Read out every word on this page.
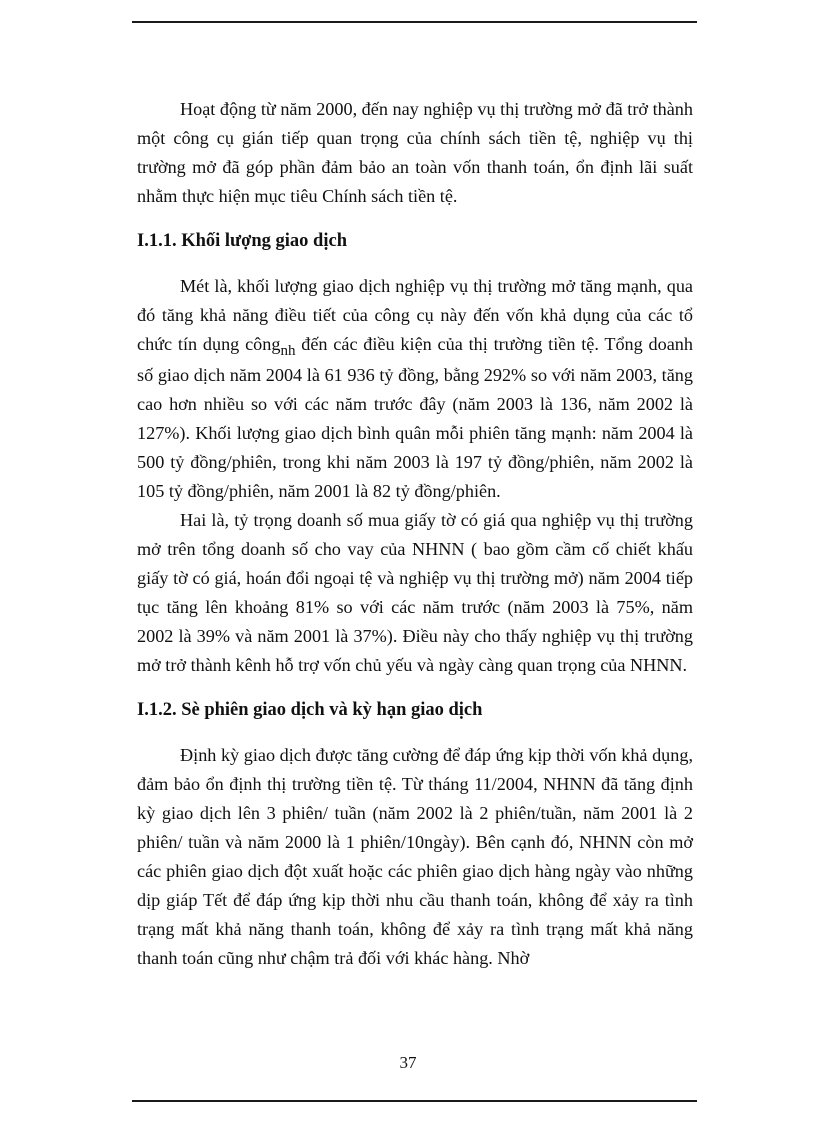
Hoạt động từ năm 2000, đến nay nghiệp vụ thị trường mở đã trở thành một công cụ gián tiếp quan trọng của chính sách tiền tệ, nghiệp vụ thị trường mở đã góp phần đảm bảo an toàn vốn thanh toán, ổn định lãi suất nhằm thực hiện mục tiêu Chính sách tiền tệ.

I.1.1. Khối lượng giao dịch

Mét là, khối lượng giao dịch nghiệp vụ thị trường mở tăng mạnh, qua đó tăng khả năng điều tiết của công cụ này đến vốn khả dụng của các tổ chức tín dụng công$_{nh}$ đến các điều kiện của thị trường tiền tệ. Tổng doanh số giao dịch năm 2004 là 61 936 tỷ đồng, bằng 292% so với năm 2003, tăng cao hơn nhiều so với các năm trước đây (năm 2003 là 136, năm 2002 là 127%). Khối lượng giao dịch bình quân mỗi phiên tăng mạnh: năm 2004 là 500 tỷ đồng/phiên, trong khi năm 2003 là 197 tỷ đồng/phiên, năm 2002 là 105 tỷ đồng/phiên, năm 2001 là 82 tỷ đồng/phiên.

Hai là, tỷ trọng doanh số mua giấy tờ có giá qua nghiệp vụ thị trường mở trên tổng doanh số cho vay của NHNN ( bao gồm cầm cố chiết khấu giấy tờ có giá, hoán đổi ngoại tệ và nghiệp vụ thị trường mở) năm 2004 tiếp tục tăng lên khoảng 81% so với các năm trước (năm 2003 là 75%, năm 2002 là 39% và năm 2001 là 37%). Điều này cho thấy nghiệp vụ thị trường mở trở thành kênh hỗ trợ vốn chủ yếu và ngày càng quan trọng của NHNN.

I.1.2. Sè phiên giao dịch và kỳ hạn giao dịch

Định kỳ giao dịch được tăng cường để đáp ứng kịp thời vốn khả dụng, đảm bảo ổn định thị trường tiền tệ. Từ tháng 11/2004, NHNN đã tăng định kỳ giao dịch lên 3 phiên/ tuần (năm 2002 là 2 phiên/tuần, năm 2001 là 2 phiên/ tuần và năm 2000 là 1 phiên/10ngày). Bên cạnh đó, NHNN còn mở các phiên giao dịch đột xuất hoặc các phiên giao dịch hàng ngày vào những dịp giáp Tết để đáp ứng kịp thời nhu cầu thanh toán, không để xảy ra tình trạng mất khả năng thanh toán, không để xảy ra tình trạng mất khả năng thanh toán cũng như chậm trả đối với khác hàng. Nhờ

37
